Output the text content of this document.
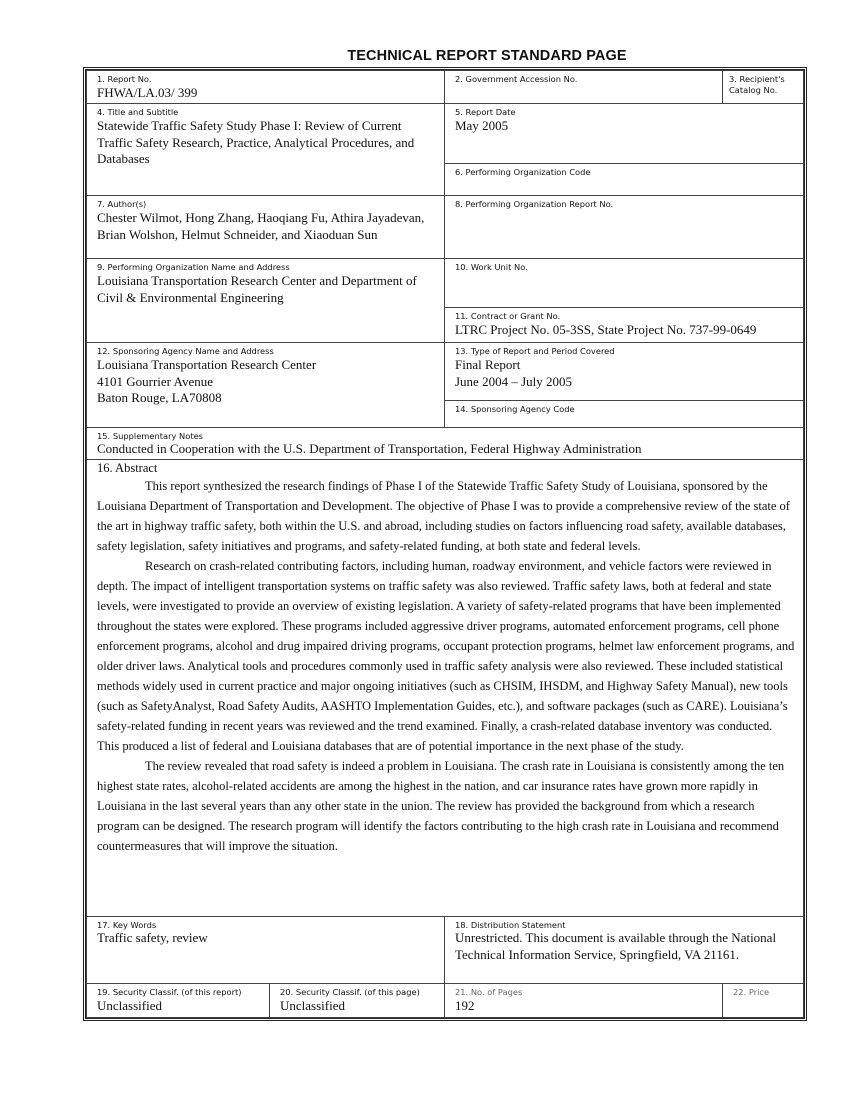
TECHNICAL REPORT STANDARD PAGE
1. Report No.
FHWA/LA.03/ 399
2. Government Accession No.	3. Recipient's Catalog No.
4. Title and Subtitle
Statewide Traffic Safety Study Phase I: Review of Current Traffic Safety Research, Practice, Analytical Procedures, and Databases
5. Report Date
May 2005
6. Performing Organization Code
7. Author(s)
Chester Wilmot, Hong Zhang, Haoqiang Fu, Athira Jayadevan, Brian Wolshon, Helmut Schneider, and Xiaoduan Sun
8. Performing Organization Report No.
9. Performing Organization Name and Address
Louisiana Transportation Research Center and Department of Civil & Environmental Engineering
10. Work Unit No.
11. Contract or Grant No.
LTRC Project No. 05-3SS, State Project No. 737-99-0649
12. Sponsoring Agency Name and Address
Louisiana Transportation Research Center
4101 Gourrier Avenue
Baton Rouge, LA70808
13. Type of Report and Period Covered
Final Report
June 2004 – July 2005
14. Sponsoring Agency Code
15. Supplementary Notes
Conducted in Cooperation with the U.S. Department of Transportation, Federal Highway Administration
16. Abstract

This report synthesized the research findings of Phase I of the Statewide Traffic Safety Study of Louisiana, sponsored by the Louisiana Department of Transportation and Development. The objective of Phase I was to provide a comprehensive review of the state of the art in highway traffic safety, both within the U.S. and abroad, including studies on factors influencing road safety, available databases, safety legislation, safety initiatives and programs, and safety-related funding, at both state and federal levels.

Research on crash-related contributing factors, including human, roadway environment, and vehicle factors were reviewed in depth. The impact of intelligent transportation systems on traffic safety was also reviewed. Traffic safety laws, both at federal and state levels, were investigated to provide an overview of existing legislation. A variety of safety-related programs that have been implemented throughout the states were explored. These programs included aggressive driver programs, automated enforcement programs, cell phone enforcement programs, alcohol and drug impaired driving programs, occupant protection programs, helmet law enforcement programs, and older driver laws. Analytical tools and procedures commonly used in traffic safety analysis were also reviewed. These included statistical methods widely used in current practice and major ongoing initiatives (such as CHSIM, IHSDM, and Highway Safety Manual), new tools (such as SafetyAnalyst, Road Safety Audits, AASHTO Implementation Guides, etc.), and software packages (such as CARE). Louisiana’s safety-related funding in recent years was reviewed and the trend examined. Finally, a crash-related database inventory was conducted. This produced a list of federal and Louisiana databases that are of potential importance in the next phase of the study.

The review revealed that road safety is indeed a problem in Louisiana. The crash rate in Louisiana is consistently among the ten highest state rates, alcohol-related accidents are among the highest in the nation, and car insurance rates have grown more rapidly in Louisiana in the last several years than any other state in the union. The review has provided the background from which a research program can be designed. The research program will identify the factors contributing to the high crash rate in Louisiana and recommend countermeasures that will improve the situation.

17. Key Words
Traffic safety, review
18. Distribution Statement
Unrestricted. This document is available through the National Technical Information Service, Springfield, VA 21161.
19. Security Classif. (of this report)
Unclassified
20. Security Classif. (of this page)
Unclassified
21. No. of Pages
192
22. Price
